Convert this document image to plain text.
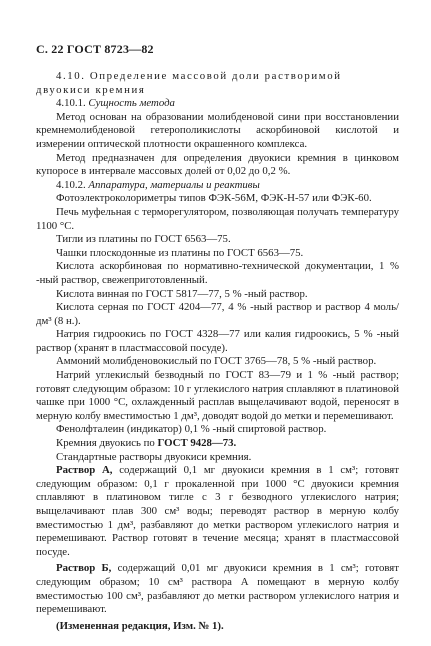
С. 22 ГОСТ 8723—82

4.10. Определение массовой доли растворимой

двуокиси кремния

4.10.1. Сущность метода

Метод основан на образовании молибденовой сини при восстановлении кремнемолибденовой гетерополикислоты аскорбиновой кислотой и измерении оптической плотности окрашенного комплекса.

Метод предназначен для определения двуокиси кремния в цинковом купоросе в интервале массовых долей от 0,02 до 0,2 %.

4.10.2. Аппаратура, материалы и реактивы

Фотоэлектроколориметры типов ФЭК-56М, ФЭК-Н-57 или ФЭК-60.

Печь муфельная с терморегулятором, позволяющая получать температуру 1100 °С.

Тигли из платины по ГОСТ 6563—75.

Чашки плоскодонные из платины по ГОСТ 6563—75.

Кислота аскорбиновая по нормативно-технической документации, 1 % -ный раствор, свежеприготовленный.

Кислота винная по ГОСТ 5817—77, 5 % -ный раствор.

Кислота серная по ГОСТ 4204—77, 4 % -ный раствор и раствор 4 моль/дм³ (8 н.).

Натрия гидроокись по ГОСТ 4328—77 или калия гидроокись, 5 % -ный раствор (хранят в пластмассовой посуде).

Аммоний молибденовокислый по ГОСТ 3765—78, 5 % -ный раствор.

Натрий углекислый безводный по ГОСТ 83—79 и 1 % -ный раствор; готовят следующим образом: 10 г углекислого натрия сплавляют в платиновой чашке при 1000 °С, охлажденный расплав выщелачивают водой, переносят в мерную колбу вместимостью 1 дм³, доводят водой до метки и перемешивают.

Фенолфталеин (индикатор) 0,1 % -ный спиртовой раствор.

Кремния двуокись по ГОСТ 9428—73.

Стандартные растворы двуокиси кремния.

Раствор А, содержащий 0,1 мг двуокиси кремния в 1 см³; готовят следующим образом: 0,1 г прокаленной при 1000 °С двуокиси кремния сплавляют в платиновом тигле с 3 г безводного углекислого натрия; выщелачивают плав 300 см³ воды; переводят раствор в мерную колбу вместимостью 1 дм³, разбавляют до метки раствором углекислого натрия и перемешивают. Раствор готовят в течение месяца; хранят в пластмассовой посуде.

Раствор Б, содержащий 0,01 мг двуокиси кремния в 1 см³; готовят следующим образом; 10 см³ раствора А помещают в мерную колбу вместимостью 100 см³, разбавляют до метки раствором углекислого натрия и перемешивают.

(Измененная редакция, Изм. № 1).
